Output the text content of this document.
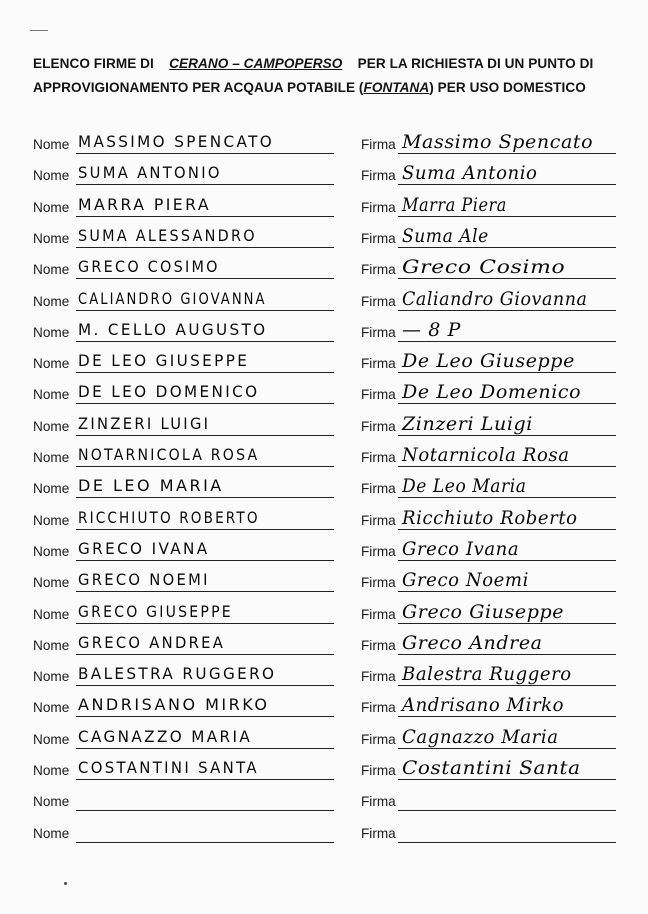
ELENCO FIRME DI CERANO – CAMPOPERSO PER LA RICHIESTA DI UN PUNTO DI
APPROVIGIONAMENTO PER ACQAUA POTABILE (FONTANA) PER USO DOMESTICO
Nome MASSIMO SPENCATO	Firma Massimo Spencato
Nome SUMA ANTONIO	Firma Suma Antonio
Nome MARRA PIERA	Firma Marra Piera
Nome SUMA ALESSANDRO	Firma Suma Ale
Nome GRECO COSIMO	Firma Greco Cosimo
Nome CALIANDRO GIOVANNA	Firma Caliandro Giovanna
Nome M. CELLO AUGUSTO	Firma — 8 P
Nome DE LEO GIUSEPPE	Firma De Leo Giuseppe
Nome DE LEO DOMENICO	Firma De Leo Domenico
Nome ZINZERI LUIGI	Firma Zinzeri Luigi
Nome NOTARNICOLA ROSA	Firma Notarnicola Rosa
Nome DE LEO MARIA	Firma De Leo Maria
Nome RICCHIUTO ROBERTO	Firma Ricchiuto Roberto
Nome GRECO IVANA	Firma Greco Ivana
Nome GRECO NOEMI	Firma Greco Noemi
Nome GRECO GIUSEPPE	Firma Greco Giuseppe
Nome GRECO ANDREA	Firma Greco Andrea
Nome BALESTRA RUGGERO	Firma Balestra Ruggero
Nome ANDRISANO MIRKO	Firma Andrisano Mirko
Nome CAGNAZZO MARIA	Firma Cagnazzo Maria
Nome COSTANTINI SANTA	Firma Costantini Santa
Nome	Firma
Nome	Firma
